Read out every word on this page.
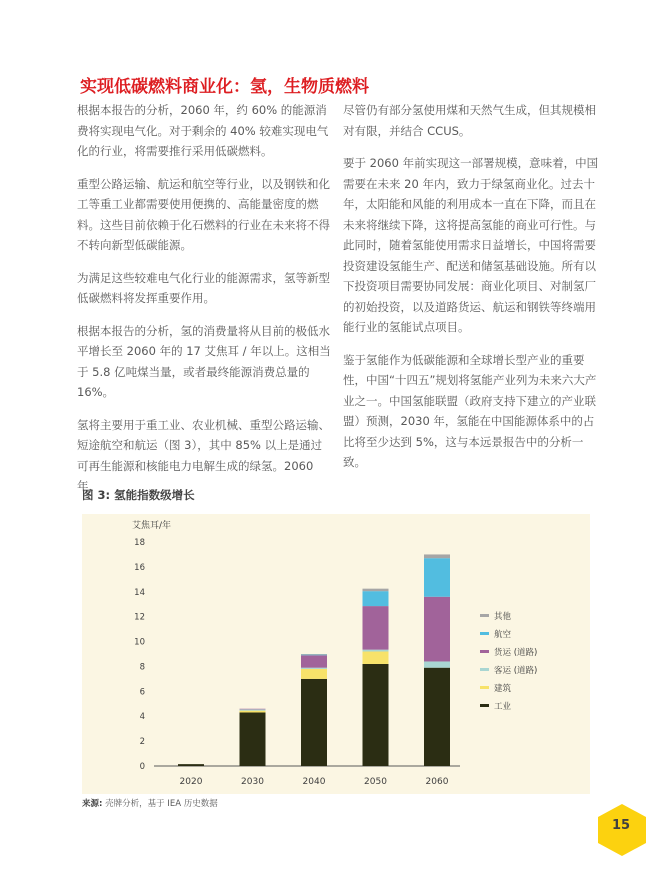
实现低碳燃料商业化：氢，生物质燃料

根据本报告的分析，2060 年，约 60% 的能源消费将实现电气化。对于剩余的 40% 较难实现电气化的行业，将需要推行采用低碳燃料。

重型公路运输、航运和航空等行业，以及钢铁和化工等重工业都需要使用便携的、高能量密度的燃料。这些目前依赖于化石燃料的行业在未来将不得不转向新型低碳能源。

为满足这些较难电气化行业的能源需求，氢等新型低碳燃料将发挥重要作用。

根据本报告的分析，氢的消费量将从目前的极低水平增长至 2060 年的 17 艾焦耳 / 年以上。这相当于 5.8 亿吨煤当量，或者最终能源消费总量的 16%。

氢将主要用于重工业、农业机械、重型公路运输、短途航空和航运（图 3），其中 85% 以上是通过可再生能源和核能电力电解生成的绿氢。2060 年，

尽管仍有部分氢使用煤和天然气生成，但其规模相对有限，并结合 CCUS。

要于 2060 年前实现这一部署规模，意味着，中国需要在未来 20 年内，致力于绿氢商业化。过去十年，太阳能和风能的利用成本一直在下降，而且在未来将继续下降，这将提高氢能的商业可行性。与此同时，随着氢能使用需求日益增长，中国将需要投资建设氢能生产、配送和储氢基础设施。所有以下投资项目需要协同发展：商业化项目、对制氢厂的初始投资，以及道路货运、航运和钢铁等终端用能行业的氢能试点项目。

鉴于氢能作为低碳能源和全球增长型产业的重要性，中国“十四五”规划将氢能产业列为未来六大产业之一。中国氢能联盟（政府支持下建立的产业联盟）预测，2030 年，氢能在中国能源体系中的占比将至少达到 5%，这与本远景报告中的分析一致。

图 3: 氢能指数级增长
艾焦耳/年
0
2
4
6
8
10
12
14
16
18
2020	2030	2040	2050	2060
其他
航空
货运 (道路)
客运 (道路)
建筑
工业
来源: 壳牌分析，基于 IEA 历史数据
15
